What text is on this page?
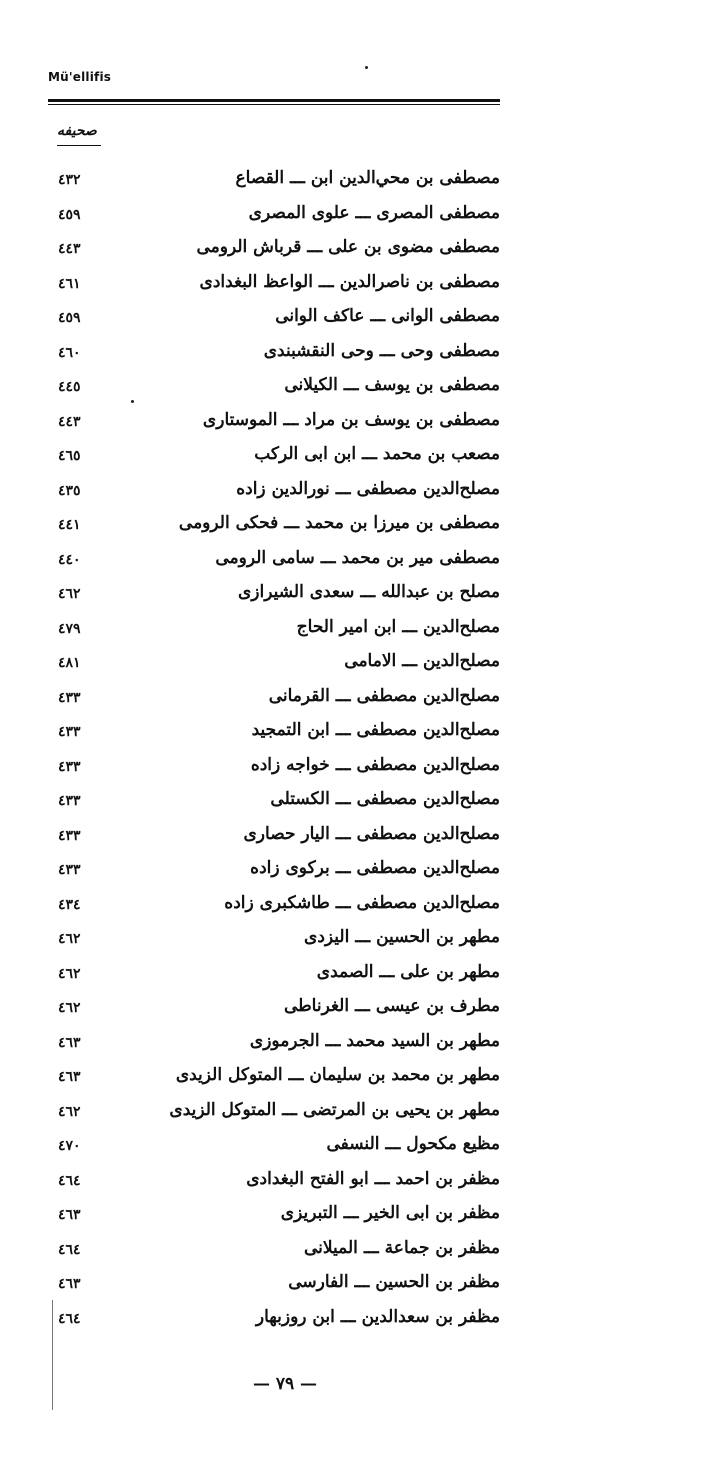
Mü'ellifis
صحيفه
٤٣٢	مصطفى بن محي‌الدين ابن ـــ القصاع
٤٥٩	مصطفى المصرى ـــ علوى المصرى
٤٤٣	مصطفى مضوى بن على ـــ قرباش الرومى
٤٦١	مصطفى بن ناصرالدين ـــ الواعظ البغدادى
٤٥٩	مصطفى الوانى ـــ عاكف الوانى
٤٦٠	مصطفى وحى ـــ وحى النقشبندى
٤٤٥	مصطفى بن يوسف ـــ الكيلانى
٤٤٣	مصطفى بن يوسف بن مراد ـــ الموستارى
٤٦٥	مصعب بن محمد ـــ ابن ابى الركب
٤٣٥	مصلح‌الدين مصطفى ـــ نورالدين زاده
٤٤١	مصطفى بن ميرزا بن محمد ـــ فحكى الرومى
٤٤٠	مصطفى مير بن محمد ـــ سامى الرومى
٤٦٢	مصلح بن عبدالله ـــ سعدى الشيرازى
٤٧٩	مصلح‌الدين ـــ ابن امير الحاج
٤٨١	مصلح‌الدين ـــ الامامى
٤٣٣	مصلح‌الدين مصطفى ـــ القرمانى
٤٣٣	مصلح‌الدين مصطفى ـــ ابن التمجيد
٤٣٣	مصلح‌الدين مصطفى ـــ خواجه زاده
٤٣٣	مصلح‌الدين مصطفى ـــ الكستلى
٤٣٣	مصلح‌الدين مصطفى ـــ اليار حصارى
٤٣٣	مصلح‌الدين مصطفى ـــ بركوى زاده
٤٣٤	مصلح‌الدين مصطفى ـــ طاشكبرى زاده
٤٦٢	مطهر بن الحسين ـــ اليزدى
٤٦٢	مطهر بن على ـــ الصمدى
٤٦٢	مطرف بن عيسى ـــ الغرناطى
٤٦٣	مطهر بن السيد محمد ـــ الجرموزى
٤٦٣	مطهر بن محمد بن سليمان ـــ المتوكل الزيدى
٤٦٢	مطهر بن يحيى بن المرتضى ـــ المتوكل الزيدى
٤٧٠	مظيع مكحول ـــ النسفى
٤٦٤	مظفر بن احمد ـــ ابو الفتح البغدادى
٤٦٣	مظفر بن ابى الخير ـــ التبريزى
٤٦٤	مظفر بن جماعة ـــ الميلانى
٤٦٣	مظفر بن الحسين ـــ الفارسى
٤٦٤	مظفر بن سعدالدين ـــ ابن روزبهار
— ٧٩ —
